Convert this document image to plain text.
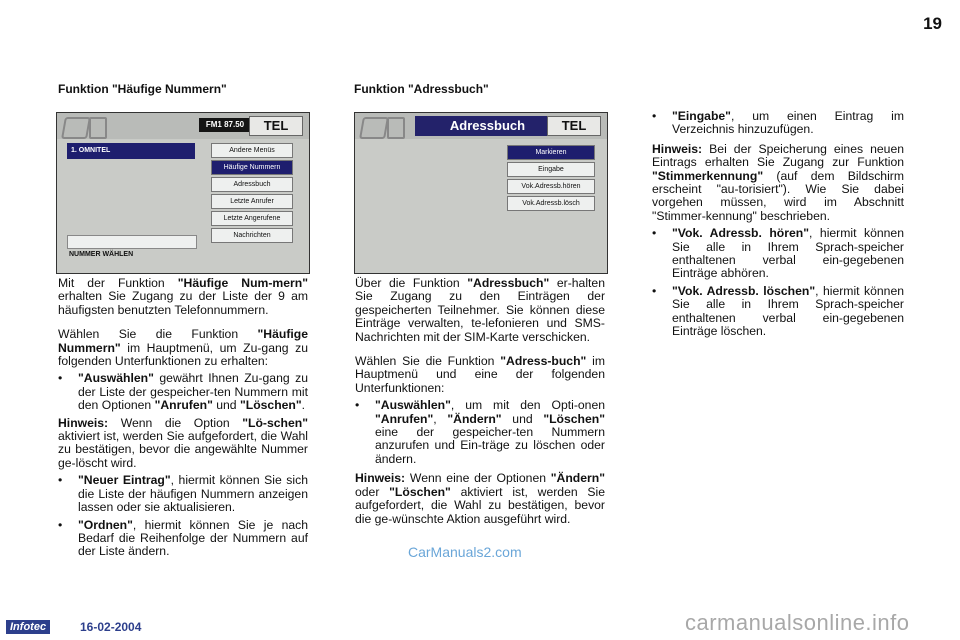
19
Funktion "Häufige Nummern"
FM1 87.50	TEL
1. OMNITEL	Andere Menüs
Häufige Nummern
Adressbuch
Letzte Anrufer
Letzte Angerufene
Nachrichten
NUMMER WÄHLEN

Mit der Funktion "Häufige Num-mern" erhalten Sie Zugang zu der Liste der 9 am häufigsten benutzten Telefonnummern.

Wählen Sie die Funktion "Häufige Nummern" im Hauptmenü, um Zu-gang zu folgenden Unterfunktionen zu erhalten:

•	"Auswählen" gewährt Ihnen Zu-gang zu der Liste der gespeicher-ten Nummern mit den Optionen "Anrufen" und "Löschen".

Hinweis: Wenn die Option "Lö-schen" aktiviert ist, werden Sie aufgefordert, die Wahl zu bestätigen, bevor die angewählte Nummer ge-löscht wird.

•	"Neuer Eintrag", hiermit können Sie sich die Liste der häufigen Nummern anzeigen lassen oder sie aktualisieren.
•	"Ordnen", hiermit können Sie je nach Bedarf die Reihenfolge der Nummern auf der Liste ändern.
Funktion "Adressbuch"
Adressbuch	TEL
Markieren
Eingabe
Vok.Adressb.hören
Vok.Adressb.lösch

Über die Funktion "Adressbuch" er-halten Sie Zugang zu den Einträgen der gespeicherten Teilnehmer. Sie können diese Einträge verwalten, te-lefonieren und SMS-Nachrichten mit der SIM-Karte verschicken.

Wählen Sie die Funktion "Adress-buch" im Hauptmenü und eine der folgenden Unterfunktionen:

•	"Auswählen", um mit den Opti-onen "Anrufen", "Ändern" und "Löschen" eine der gespeicher-ten Nummern anzurufen und Ein-träge zu löschen oder ändern.

Hinweis: Wenn eine der Optionen "Ändern" oder "Löschen" aktiviert ist, werden Sie aufgefordert, die Wahl zu bestätigen, bevor die ge-wünschte Aktion ausgeführt wird.

•	"Eingabe", um einen Eintrag im Verzeichnis hinzuzufügen.

Hinweis: Bei der Speicherung eines neuen Eintrags erhalten Sie Zugang zur Funktion "Stimmerkennung" (auf dem Bildschirm erscheint "au-torisiert"). Wie Sie dabei vorgehen müssen, wird im Abschnitt "Stimmer-kennung" beschrieben.

•	"Vok. Adressb. hören", hiermit können Sie alle in Ihrem Sprach-speicher enthaltenen verbal ein-gegebenen Einträge abhören.
•	"Vok. Adressb. löschen", hiermit können Sie alle in Ihrem Sprach-speicher enthaltenen verbal ein-gegebenen Einträge löschen.
Infotec	16-02-2004
CarManuals2.com
carmanualsonline.info
